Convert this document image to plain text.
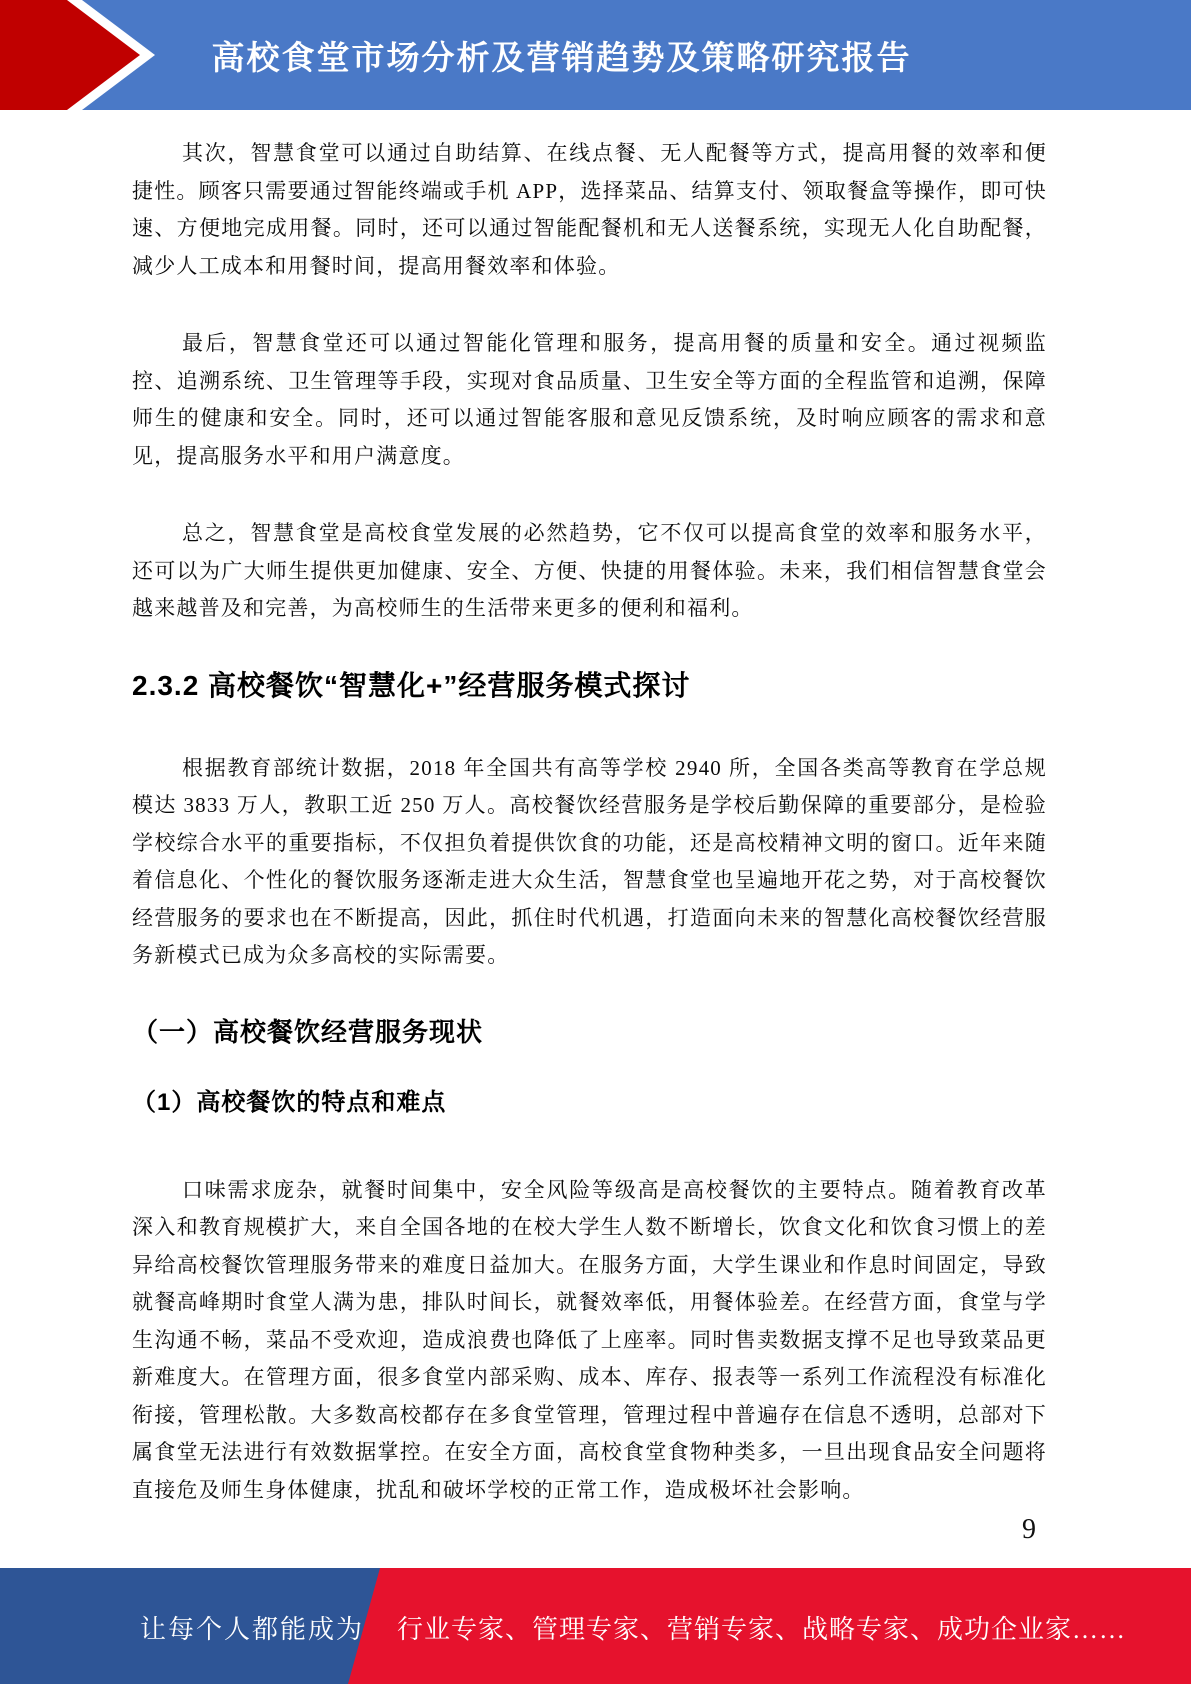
高校食堂市场分析及营销趋势及策略研究报告

其次，智慧食堂可以通过自助结算、在线点餐、无人配餐等方式，提高用餐的效率和便捷性。顾客只需要通过智能终端或手机 APP，选择菜品、结算支付、领取餐盒等操作，即可快速、方便地完成用餐。同时，还可以通过智能配餐机和无人送餐系统，实现无人化自助配餐，减少人工成本和用餐时间，提高用餐效率和体验。

最后，智慧食堂还可以通过智能化管理和服务，提高用餐的质量和安全。通过视频监控、追溯系统、卫生管理等手段，实现对食品质量、卫生安全等方面的全程监管和追溯，保障师生的健康和安全。同时，还可以通过智能客服和意见反馈系统，及时响应顾客的需求和意见，提高服务水平和用户满意度。

总之，智慧食堂是高校食堂发展的必然趋势，它不仅可以提高食堂的效率和服务水平，还可以为广大师生提供更加健康、安全、方便、快捷的用餐体验。未来，我们相信智慧食堂会越来越普及和完善，为高校师生的生活带来更多的便利和福利。

2.3.2 高校餐饮“智慧化+”经营服务模式探讨

根据教育部统计数据，2018 年全国共有高等学校 2940 所，全国各类高等教育在学总规模达 3833 万人，教职工近 250 万人。高校餐饮经营服务是学校后勤保障的重要部分，是检验学校综合水平的重要指标，不仅担负着提供饮食的功能，还是高校精神文明的窗口。近年来随着信息化、个性化的餐饮服务逐渐走进大众生活，智慧食堂也呈遍地开花之势，对于高校餐饮经营服务的要求也在不断提高，因此，抓住时代机遇，打造面向未来的智慧化高校餐饮经营服务新模式已成为众多高校的实际需要。

（一）高校餐饮经营服务现状
（1）高校餐饮的特点和难点

口味需求庞杂，就餐时间集中，安全风险等级高是高校餐饮的主要特点。随着教育改革深入和教育规模扩大，来自全国各地的在校大学生人数不断增长，饮食文化和饮食习惯上的差异给高校餐饮管理服务带来的难度日益加大。在服务方面，大学生课业和作息时间固定，导致就餐高峰期时食堂人满为患，排队时间长，就餐效率低，用餐体验差。在经营方面，食堂与学生沟通不畅，菜品不受欢迎，造成浪费也降低了上座率。同时售卖数据支撑不足也导致菜品更新难度大。在管理方面，很多食堂内部采购、成本、库存、报表等一系列工作流程没有标准化衔接，管理松散。大多数高校都存在多食堂管理，管理过程中普遍存在信息不透明，总部对下属食堂无法进行有效数据掌控。在安全方面，高校食堂食物种类多，一旦出现食品安全问题将直接危及师生身体健康，扰乱和破坏学校的正常工作，造成极坏社会影响。

9
让每个人都能成为 行业专家、管理专家、营销专家、战略专家、成功企业家……
